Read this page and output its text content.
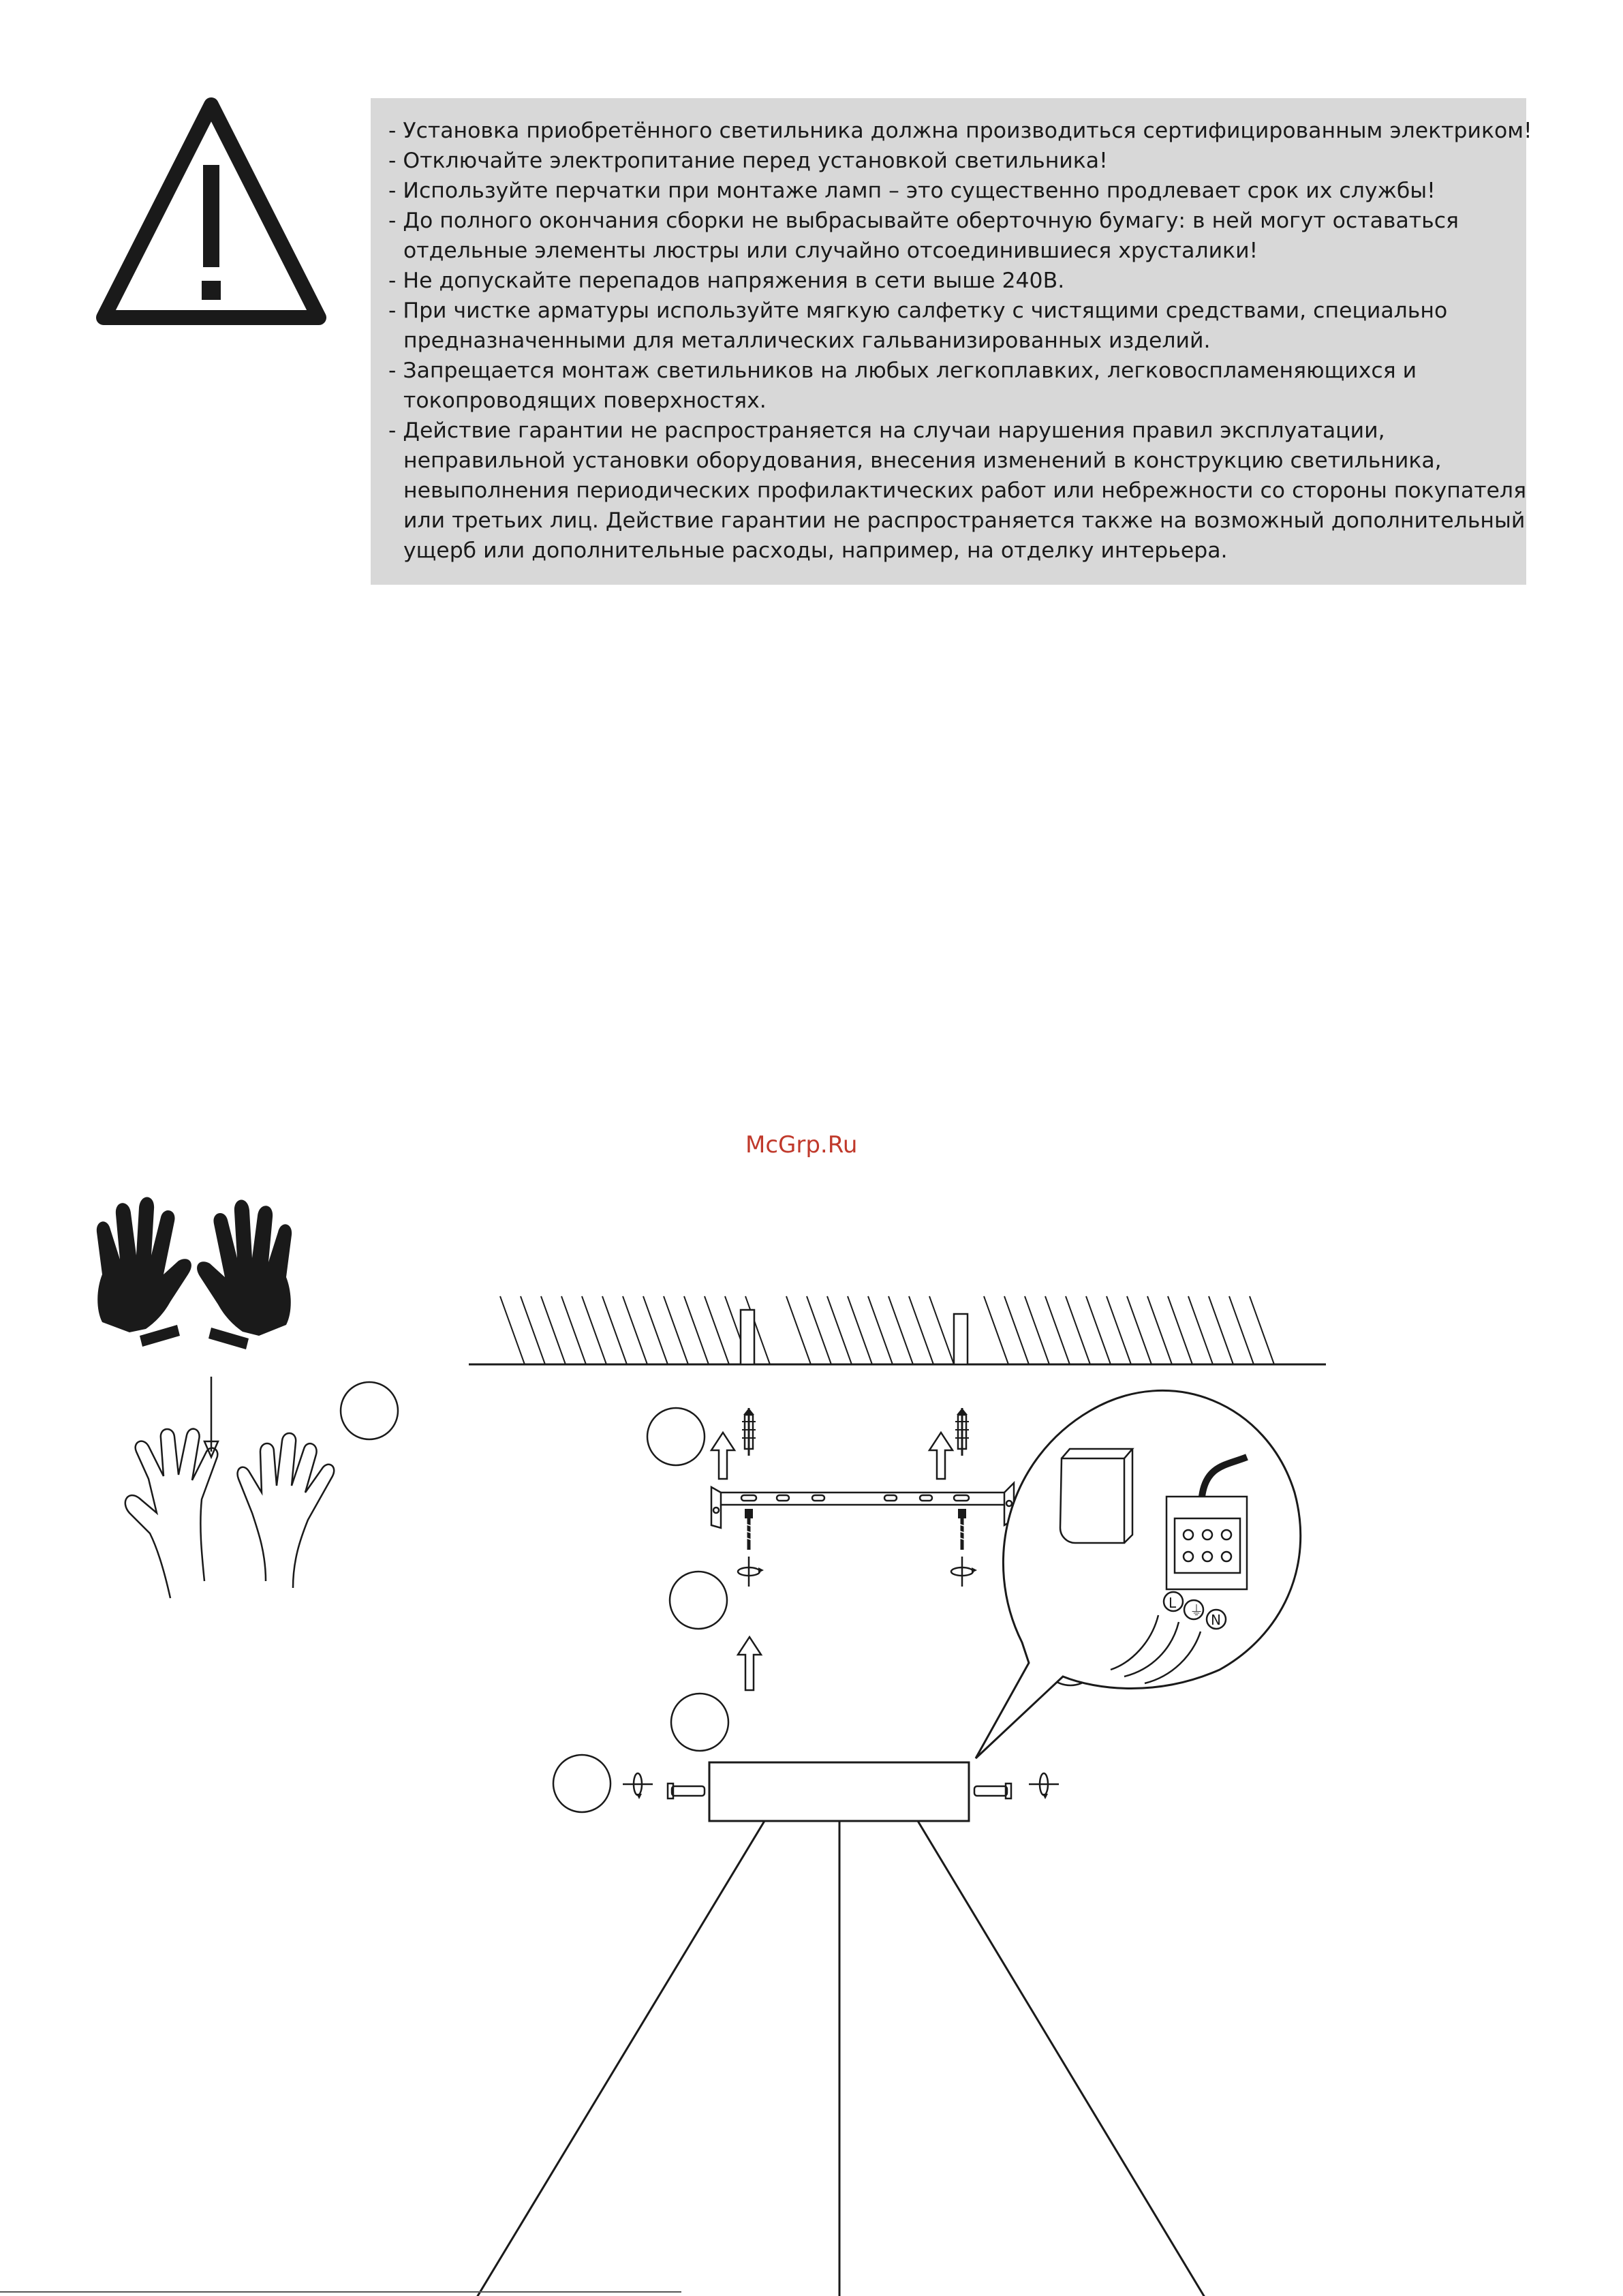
- Установка приобретённого светильника должна производиться сертифицированным электриком!
- Отключайте электропитание перед установкой светильника!
- Используйте перчатки при монтаже ламп – это существенно продлевает срок их службы!
- До полного окончания сборки не выбрасывайте оберточную бумагу: в ней могут оставаться
отдельные элементы люстры или случайно отсоединившиеся хрусталики!
- Не допускайте перепадов напряжения в сети выше 240В.
- При чистке арматуры используйте мягкую салфетку с чистящими средствами, специально
предназначенными для металлических гальванизированных изделий.
- Запрещается монтаж светильников на любых легкоплавких, легковоспламеняющихся и
токопроводящих поверхностях.
- Действие гарантии не распространяется на случаи нарушения правил эксплуатации,
неправильной установки оборудования, внесения изменений в конструкцию светильника,
невыполнения периодических профилактических работ или небрежности со стороны покупателя
или третьих лиц. Действие гарантии не распространяется также на возможный дополнительный
ущерб или дополнительные расходы, например, на отделку интерьера.
L ⏚
N
McGrp.Ru
